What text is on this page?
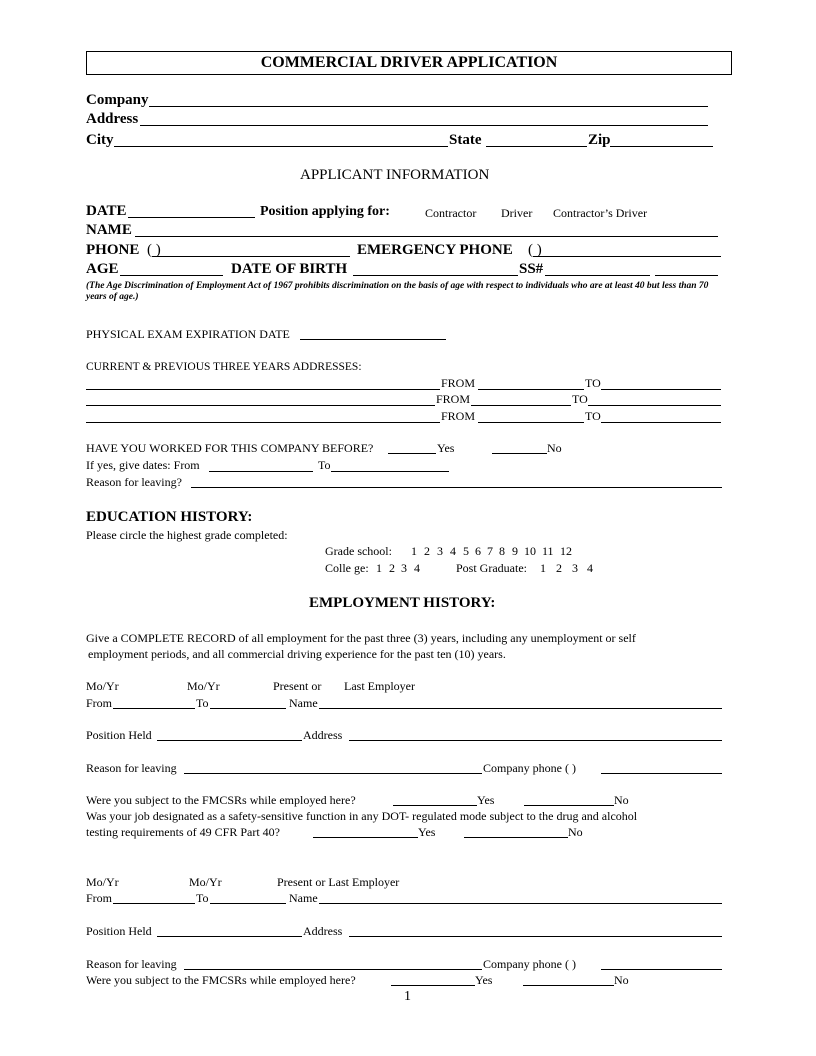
COMMERCIAL DRIVER APPLICATION
Company
Address
City	State	Zip
APPLICANT INFORMATION
DATE	Position applying for:	Contractor Driver Contractor’s Driver
NAME
PHONE ( )	EMERGENCY PHONE ( )
AGE	DATE OF BIRTH	SS#
(The Age Discrimination of Employment Act of 1967 prohibits discrimination on the basis of age with respect to individuals who are at least 40 but less than 70 years of age.)
PHYSICAL EXAM EXPIRATION DATE
CURRENT & PREVIOUS THREE YEARS ADDRESSES:
FROM	TO
FROM	TO
FROM	TO
HAVE YOU WORKED FOR THIS COMPANY BEFORE?	Yes	No
If yes, give dates: From	To
Reason for leaving?
EDUCATION HISTORY:
Please circle the highest grade completed:
Grade school: 1 2 3 4 5 6 7 8 9 10 11 12
Colle ge: 1 2 3 4	Post Graduate: 1 2 3 4
EMPLOYMENT HISTORY:
Give a COMPLETE RECORD of all employment for the past three (3) years, including any unemployment or self
employment periods, and all commercial driving experience for the past ten (10) years.
Mo/Yr	Mo/Yr	Present or Last Employer
From	To	Name
Position Held	Address
Reason for leaving	Company phone ( )
Were you subject to the FMCSRs while employed here?	Yes	No
Was your job designated as a safety-sensitive function in any DOT- regulated mode subject to the drug and alcohol
testing requirements of 49 CFR Part 40?	Yes	No
Mo/Yr	Mo/Yr	Present or Last Employer
From	To	Name
Position Held	Address
Reason for leaving	Company phone ( )
Were you subject to the FMCSRs while employed here?	Yes	No
1
